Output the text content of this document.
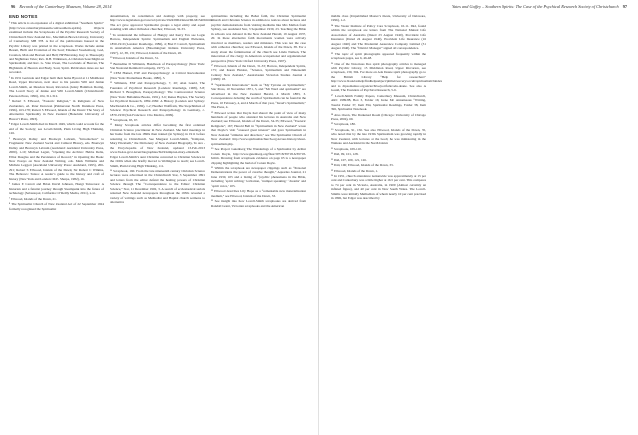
96 Records of the Canterbury Museum, Volume 28, 2014
END NOTES

¹ This article is an expansion of a digital exhibition “Southern Spirits” (http://www.canterburymuseum.com/southern-spirits). Objects examined include the Scrapbooks of the Psychic Research Society of Christchurch New Zealand Inc., Macmillan Brown Library, University of Canterbury, MB 378. A list of the publications housed in the Psychic Library was printed in the scrapbook. Works include Annie Besant, Birth and Evolution of the Soul; Emanuel Swedenborg, God, Creation, Man and Heaven and Hell; HP Blavatsky, Key to Theosophy and Nightmare Tales; Rev. D.H. Wilkinson, A Christian Searchlight on Spiritualism; and Rev. G. Vale Owen, The Lowlands of Heaven, The Highlands of Heaven and Body, Soul, Spirit. Publication dates are not recorded.

² In 1931 Gertrude and Edgar built their home Byrord at 11 Middleton Road, Upper Riccarton, next door to his parents Will and Jennie Lovell-Smith, on Meadow Road, Riccarton (Jenny Hamilton Doring, The Lovell Story of Jennie and Will Lovell-Smith (Christchurch: Peterson Press, 1996), 104, 311-312.

³ Robert S Ellwood, “Esoteric Religion,” in Religions of New Zealanders, ed. Peter Donovan (Palmerston North: Dunmore Press, 1996), 163-178; Robert S Ellwood, Islands of the Dawn: The Story of Alternative Spirituality in New Zealand (Honolulu: University of Hawai’i Press, 1993).

⁴ Edgar Lovell-Smith died in March 1949, which could account for the end of the Society; see Lovell-Smith, Plain Living High Thinking, 126.

⁵ Bronwyn Dalley and Bronwyn Labrum, “Introduction” to Fragments: New Zealand Social and Cultural History, eds. Bronwyn Dalley and Bronwyn Labrum (Auckland: Auckland University Press, 2000), 1-10; Michael Legatt, “Opening the Archive: Hebbe Delta, Elliot Douglas and the Persistence of Record,” in Opening the Book: New Essays on New Zealand Writing, eds. Mark Williams and Michele Leggott (Auckland University Press: Auckland, 1995), 206-291; Robert S Ellwood, Islands of the Dawn; Sir Robert C Wilkins, The Hebrews: Toitoa: A reader’s guide to the history and craft of history (New York and London: M.E. Sharpe, 1982), 16.

⁶ James E Carrett and Brian David Johnson, Hongi Tuiwerora: A historian and a futurist journey through Steampunk into the future of technology (Sebastopol, California: O’Reilly Media, 2011), x-xi.

⁷ Ellwood, Islands of the Dawn, 21.

⁸ The Spiritualist Church of New Zealand Act of 22 September 1924 formally recognised the Spiritualist

denomination, its constitution and dealings with property, see http://www.legislation.govt.nz/act/private/1924/0004/latest/DLM15409.html. The act gave approved Spiritualist groups a legal entity and equal standing with other Orthodox churches; Ellwood, 32-33.

⁹ To understand the influence of Hungry and Kerry Fox see Logie Barrow, Independent Spirits: Spiritualism and English Plebeians, 1850-1910 (London: Routledge, 1986), 4; Bret E Carroll, Spiritualism in Antebellum America (Bloomington: Indiana University Press, 1997), 12, 38, 131; Ellwood, Islands of the Dawn, 20.

¹⁰ Ellwood, Islands of the Dawn, 31.

¹¹ Bernadine D Wilmann, Handbook of Parapsychology (New York: Van Nostrand Reinhold Company, 1977), 11.

¹² CEM Hansel, ESP and Parapsychology: A Critical Reevaluation (New York: Prometheus Books, 1980), 3.

¹³ Wilmann, ESP and Parapsychology, 7, 20; Alan Gauld, The Founders of Psychical Research (London: Routledge, 1968), 3-8; Richard S Broughton, Parapsychology: The Controversial Science (New York: Ballantine Books, 1991), 3-6; Renee Haynes, The Society for Psychical Research, 1882-1982: A History (London and Sydney: MacDonald & Co., 1982), 1-2; Heather Wolffram, The Stepchildren of Science: Psychical Research and Parapsychology in Germany, c. 1870-1939 (San Francisco: Clio Medica, 2009).

¹⁴ Scrapbook, 65, 67.

¹⁵ Many Scrapbook articles differ becoming the first ordained Christian Science practitioner in New Zealand. She held meetings in her home from the late 1890s then trained (in Sydney) in 1911 before returning to Christchurch. See Margaret Lovell-Smith, “Kimpton, Mary Elizabeth,” the Dictionary of New Zealand Biography, Te Ara - the Encyclopedia of New Zealand, updated 13-Feb-2013 www.TeAra.govt.nz/en/biographies/3k19/kimpton-mary-elizabeth. Edgar Lovell-Smith’s aunt Christina converted to Christian Science in the 1920s when she briefly moved to Wellington to teach; see Lovell-Smith, Plain Living High Thinking, 111.

¹⁶ Scrapbook, 160. From the late nineteenth century Christian Science lectures were advertised in the Christchurch Star, 3 September 1891 and letters from the editor defend the healing powers of Christian Science through The “Correspondence to the Editor: Christian Science,” Star, 11 December 1902, 3. A search of ecclesiastical serials returned New Zealand newspapers throughout the 1930s revealed a variety of writings such as Methodist and Baptist church sermons to alternative

spiritualities including the Bahai faith, the Christian Spiritualist Church and Christian Science in addition to notices about lectures and psychic demonstrations from visiting mediums like Mrs Mellon from Sydney, see Auckland Star, 3 September 1939, 23. Teaching the Bible in schools was debated in the New Zealand Herald, 19 August 1937, 20. In these alternative faith movements women were actively involved as members, readers and ministers. This was not the case with orthodox churches; see Ellwood, Islands of the Dawn, 38. For a study about the feminisation of the church see Linda Neilsen, The innovation of the clergy in American occupational and organizational perspective (New York: Oxford University Press, 1997).

¹⁷ Ellwood, Islands of the Dawn, 31-33; Barrow, Independent Spirits, 175; and Karen Hanlon, “Science, Spiritualism and Nineteenth Century New Zealand,” Australasian Victorian Studies Journal 4 (1998): 18.

¹⁸ “Spiritualist Innovations” leads as “My Tyrrane on Spiritualism,” Star Press, 10 November 1871, 3, and “Mr Ward and spiritualist” are advertised in the New Zealand Herald, 4 March 1883, 3. Correspondence debating the worth of Spiritualism can be found in the Press, 10 February, 4, and 4 March of that year, “Israel’s Spiritualism,” The Press, 4.

¹⁹ Ellwood writes that Doyle had shared the point of view of many hundreds of people who attended his lectures in Australia and New Zealand; see Ellwood, Islands of the Dawn, 34-35; Ellwood, “Esoteric Religions”, 167; Harold Bell in “Spiritualism in New Zealand” wrote that Doyle’s visit “aroused great interest” and gave Spiritualism in New Zealand “stimulus and direction,” see The Spiritualist Church of New Zealand: http://www.spiritualistchurch.org.nz/our-history/about-spiritualism.php.

²⁰ See Project Gutenberg The Wanderings of a Spiritualist by Arthur Conan Doyle, http://www.gutenberg.org/files/39718/39718-h/39718-h.htm. Drawing from scrapbook evidence on page 65 is a newspaper clipping highlighting the burial of Conan Doyle.

²¹ Within the scrapbook are newspaper clippings such as “Personal Demonstrations the power of creative thought,” Aquarius Journal, 21 June 1930, 105 and a listing of “psychic phenomena in the Bible, including ‘spirit writing,’ levitation, ‘trumpet speaking,’ ‘dreams’ and ‘spirit voice,’ 105.

²² Ellwood describes Lily Hope as a “remarkable new materialisation medium,” see Ellwood, Islands of the Dawn, 33.

²³ See insight into how Lovell-Smith scrapbooks are derived from Randall Grant, Victorian scrapbooks and the American

Yates and Gaffey – Southern Spirits: The Case of the Psychical Research Society of Christchurch 97

middle class (Unpublished Master’s thesis, University of Delaware, 1996), 1-2.

²⁴ The Vaster Institute of Policy Care Scrapbook, 10-11. Ibid, found within the scrapbook are letters from The National Mutual Life Association of Australia (Dated 23 August 1940), Provident Life Insurance (Dated 24 August 1940), Provident Life Insurance (16 August 1940) and The Prudential Assurance Company Limited (31 August 1940). The “District Manager” signed all correspondence.

²⁵ The topic of spirit photographs appeared frequently within the scrapbook pages, see 6, 46-48.

²⁶ One of the Notorious Dos spirit photography articles is managed with Psychic Library, 15 Middleton Road, Upper Riccarton, see scrapbook, 130, 304. For more on Ada Deane spirit photography go to the British Library “Help for researchers” http://www.bl.uk/reshelp/findhelpsubject/philrel/sorcery/occult/spiritualism/bindex and to dipsomaniac.org.uk/archive/portfolio/ada-deane. See also A Gauld, The Founders of Psychical Research, 5-6.

²⁷ Lovell-Smith Family Papers, Canterbury Museum, Christchurch, ARC 1989.88, Box 3, Folder 16; Irene Mc Antonneaus “Writing, Tourist Folder 37, Item 394, Spiritualist Readings, Folder 38, Item 396, Spiritualist Notebook.

²⁸ Also Owen, The Darkened Room (Chicago: University of Chicago Press, 2004), 69.

²⁹ Scrapbook, 180.

³⁰ Scrapbook, 91, 156. See also Ellwood, Islands of the Dawn, 35, who noted that by the late 1930s Spiritualism was growing rapidly in New Zealand, with lectures at the boob; he was ministering in the Waikato and Auckland in the North Island.

³¹ Scrapbook, 109-110.

³² Ibid, 99, 101, 128.

³³ Ibid, 107, 109, 121, 126.

³⁴ Ibid, 106; Ellwood, Islands of the Dawn, 33.

³⁵ Ellwood, Islands of the Dawn, 1.

³⁶ In 1951, church attendance nationwide was approximately at 15 per cent and Canterbury was a little higher at 16.5 per cent. This compares to 74 per cent in Victoria, Australia, in 1900 (Almost certainly an inflated figure), and 40 per cent in New South Wales. The Lovell-Smiths were initially Methodists of whom nearly 10 per cent practised in 1896, but Edgar was described by
